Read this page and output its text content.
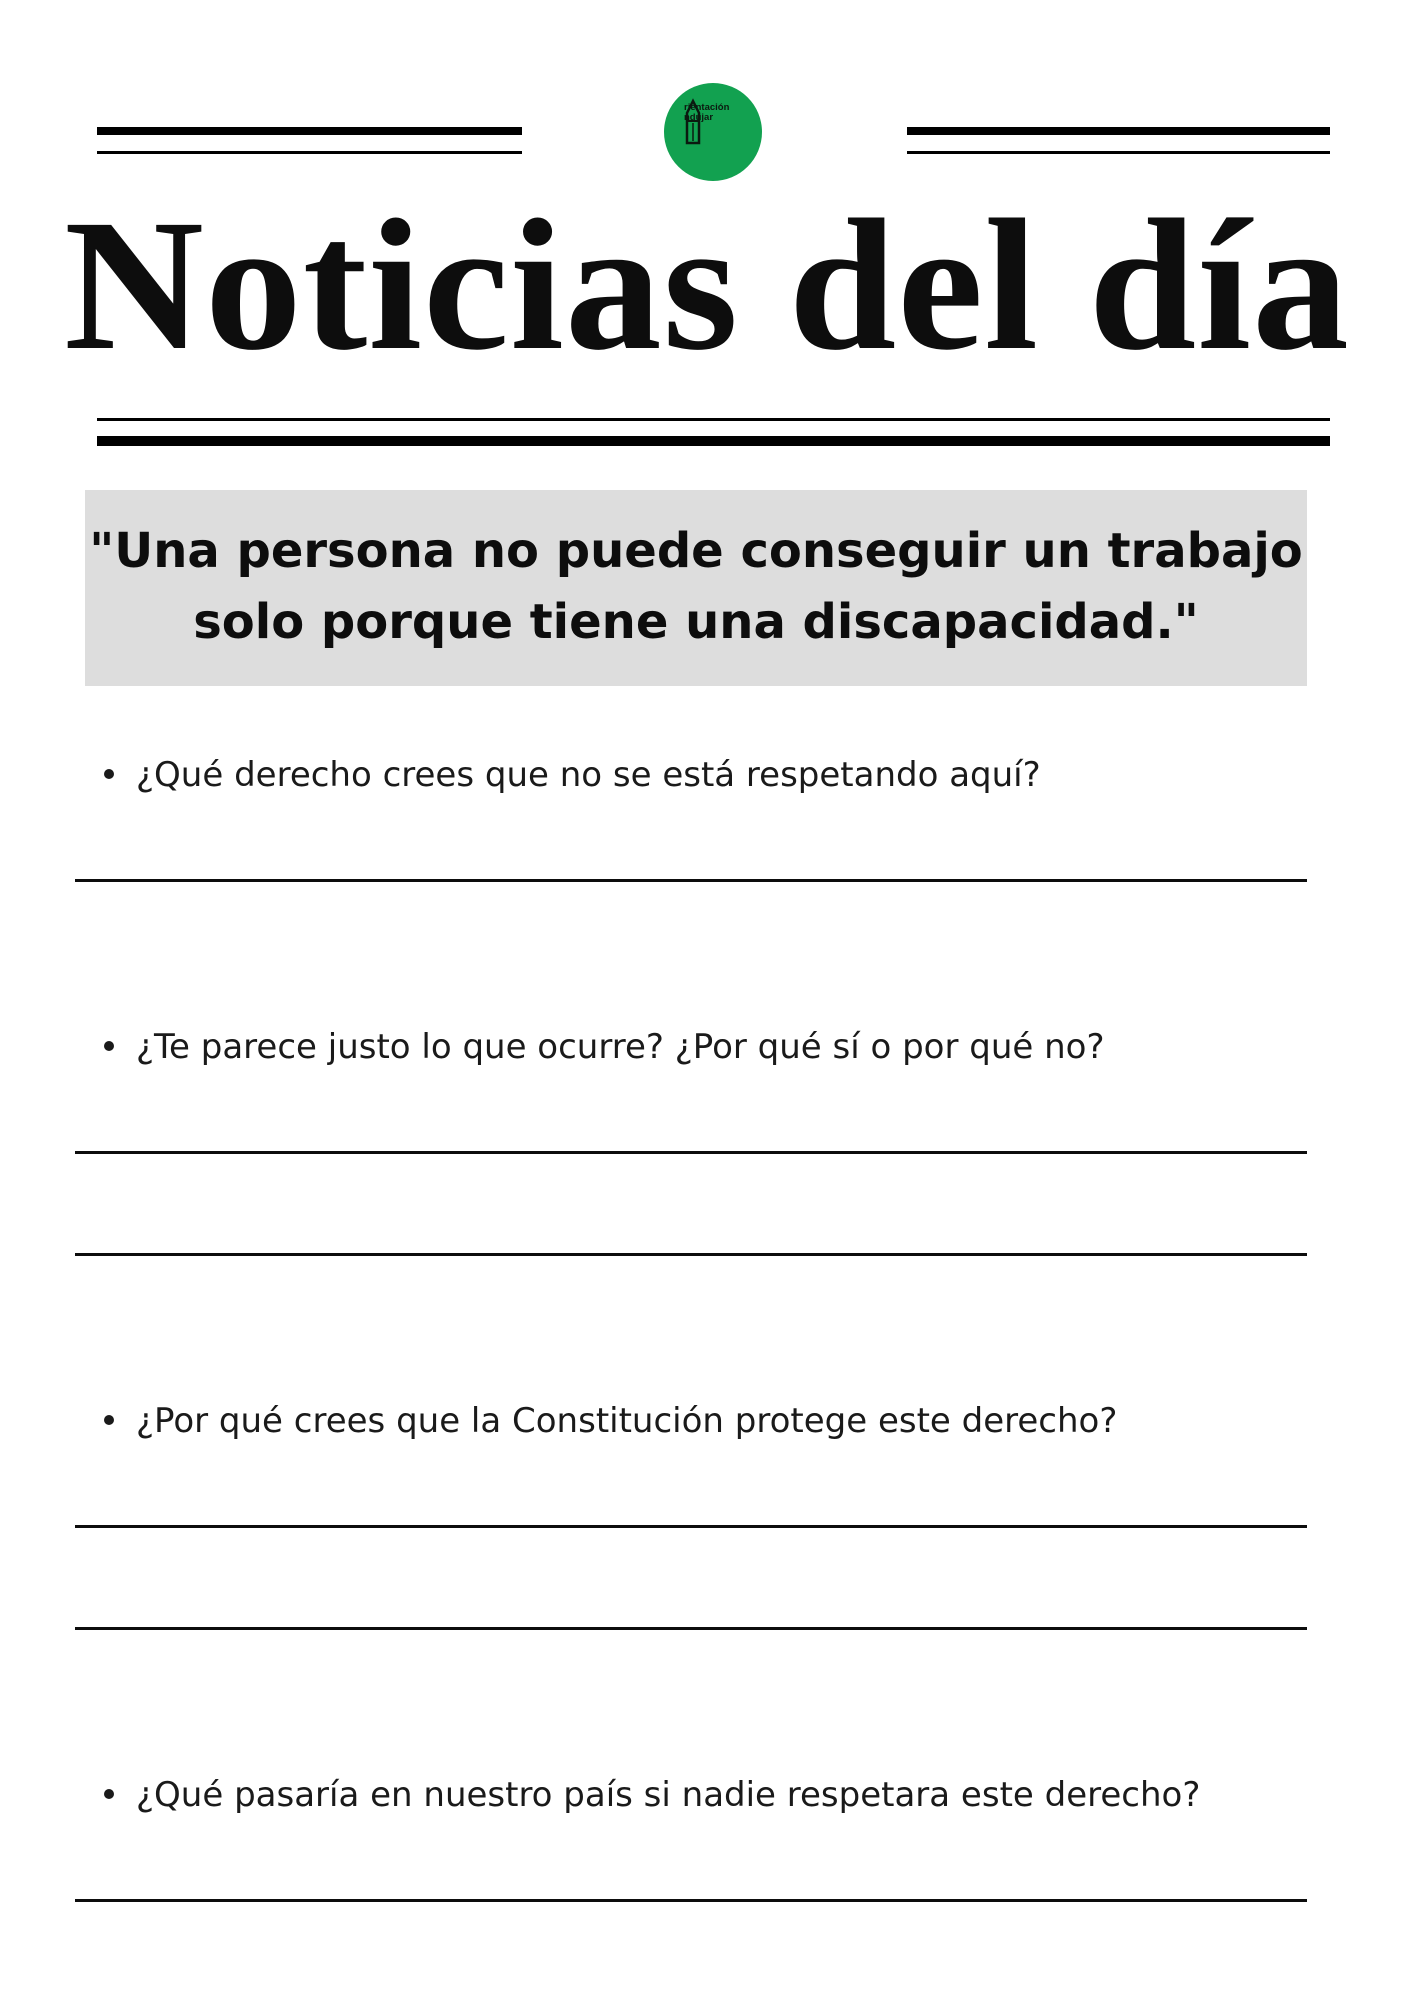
rientación
ndújar
Noticias del día
"Una persona no puede conseguir un trabajo solo porque tiene una discapacidad."
¿Qué derecho crees que no se está respetando aquí?
¿Te parece justo lo que ocurre? ¿Por qué sí o por qué no?
¿Por qué crees que la Constitución protege este derecho?
¿Qué pasaría en nuestro país si nadie respetara este derecho?
